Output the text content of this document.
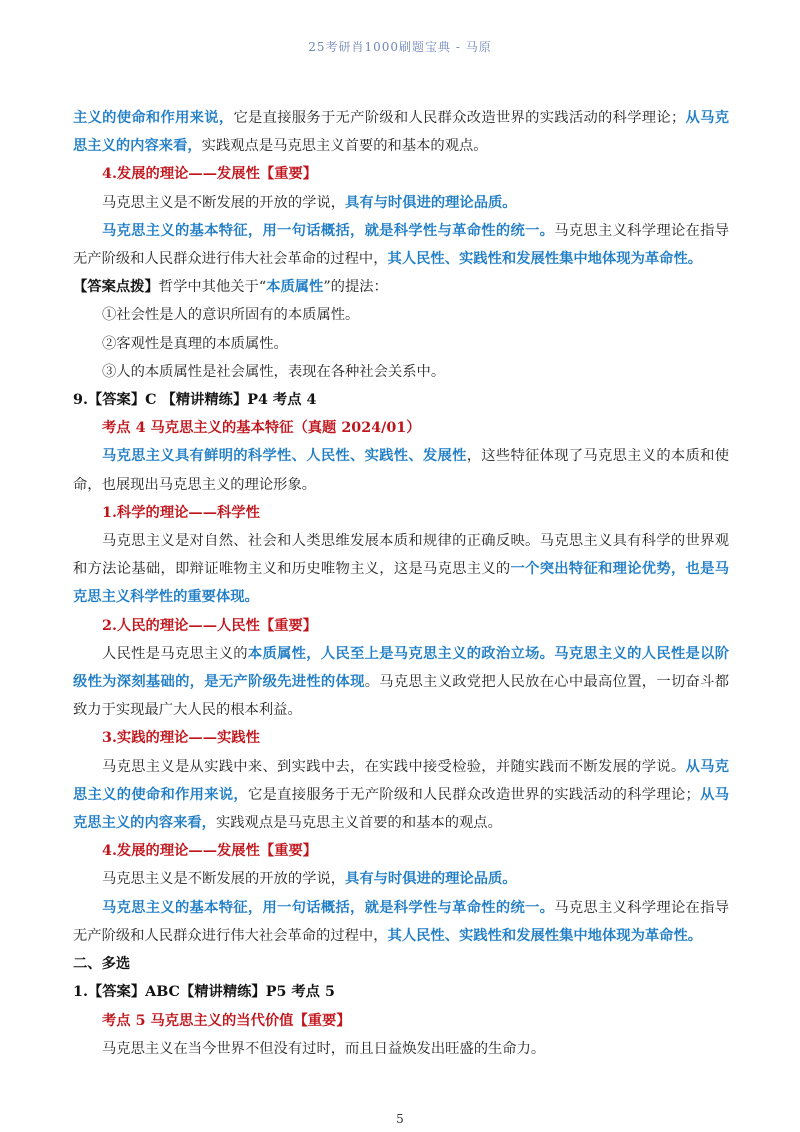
25考研肖1000刷题宝典 - 马原

主义的使命和作用来说，它是直接服务于无产阶级和人民群众改造世界的实践活动的科学理论；从马克思主义的内容来看，实践观点是马克思主义首要的和基本的观点。

4.发展的理论——发展性【重要】

马克思主义是不断发展的开放的学说，具有与时俱进的理论品质。

马克思主义的基本特征，用一句话概括，就是科学性与革命性的统一。马克思主义科学理论在指导无产阶级和人民群众进行伟大社会革命的过程中，其人民性、实践性和发展性集中地体现为革命性。

【答案点拨】哲学中其他关于“本质属性”的提法：

①社会性是人的意识所固有的本质属性。

②客观性是真理的本质属性。

③人的本质属性是社会属性，表现在各种社会关系中。

9.【答案】C 【精讲精练】P4 考点 4

考点 4 马克思主义的基本特征（真题 2024/01）

马克思主义具有鲜明的科学性、人民性、实践性、发展性，这些特征体现了马克思主义的本质和使命，也展现出马克思主义的理论形象。

1.科学的理论——科学性

马克思主义是对自然、社会和人类思维发展本质和规律的正确反映。马克思主义具有科学的世界观和方法论基础，即辩证唯物主义和历史唯物主义，这是马克思主义的一个突出特征和理论优势，也是马克思主义科学性的重要体现。

2.人民的理论——人民性【重要】

人民性是马克思主义的本质属性，人民至上是马克思主义的政治立场。马克思主义的人民性是以阶级性为深刻基础的，是无产阶级先进性的体现。马克思主义政党把人民放在心中最高位置，一切奋斗都致力于实现最广大人民的根本利益。

3.实践的理论——实践性

马克思主义是从实践中来、到实践中去，在实践中接受检验，并随实践而不断发展的学说。从马克思主义的使命和作用来说，它是直接服务于无产阶级和人民群众改造世界的实践活动的科学理论；从马克思主义的内容来看，实践观点是马克思主义首要的和基本的观点。

4.发展的理论——发展性【重要】

马克思主义是不断发展的开放的学说，具有与时俱进的理论品质。

马克思主义的基本特征，用一句话概括，就是科学性与革命性的统一。马克思主义科学理论在指导无产阶级和人民群众进行伟大社会革命的过程中，其人民性、实践性和发展性集中地体现为革命性。

二、多选

1.【答案】ABC【精讲精练】P5 考点 5

考点 5 马克思主义的当代价值【重要】

马克思主义在当今世界不但没有过时，而且日益焕发出旺盛的生命力。

5
